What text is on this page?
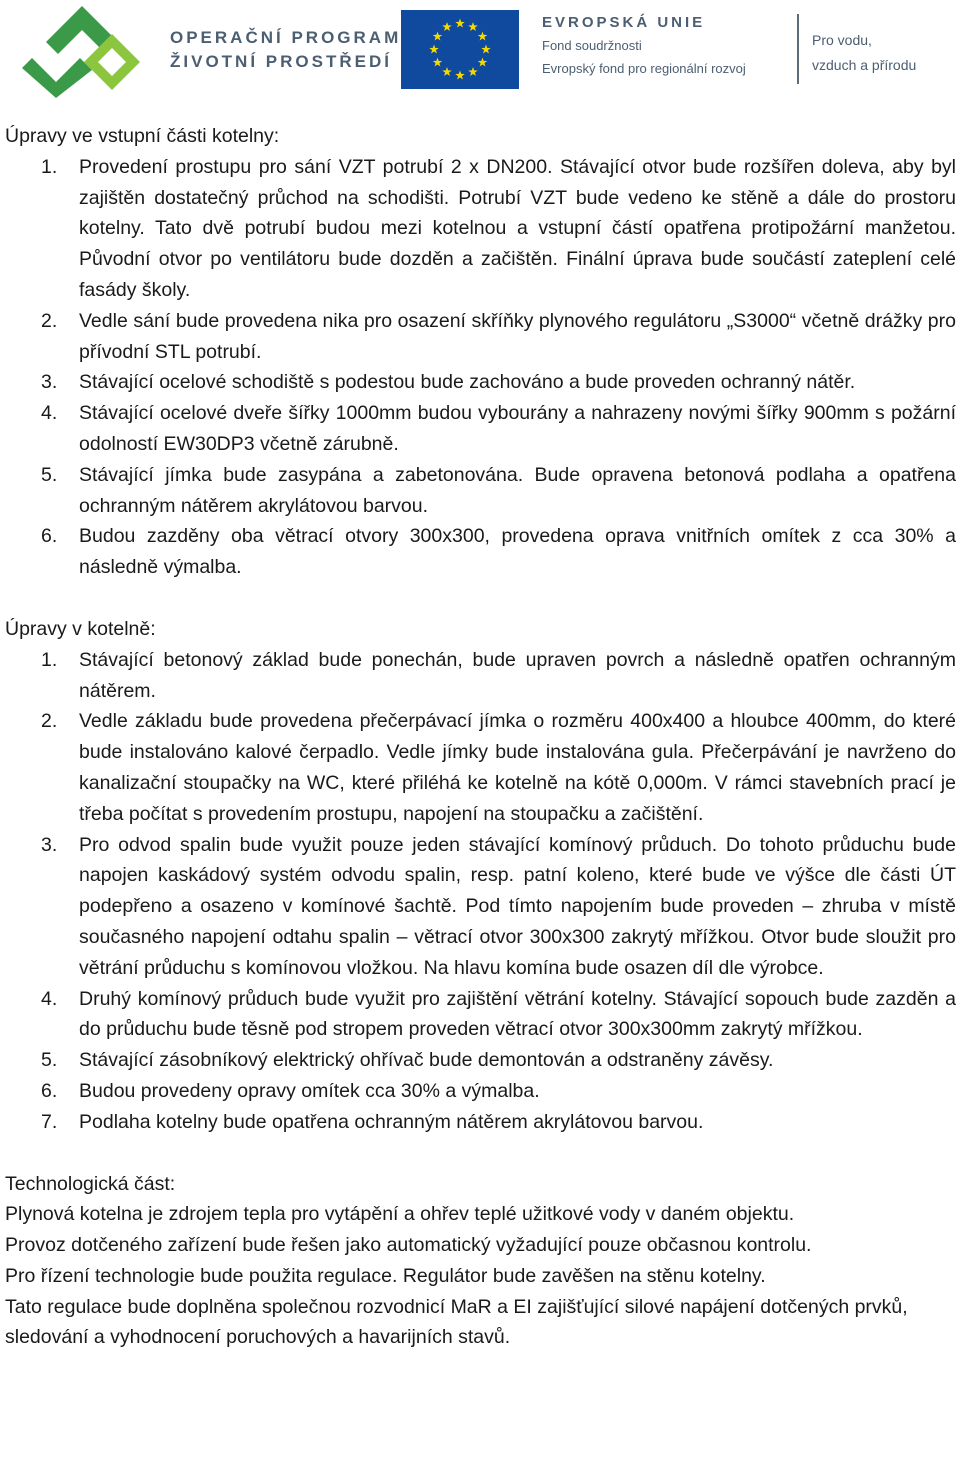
OPERAČNÍ PROGRAM
ŽIVOTNÍ PROSTŘEDÍ
EVROPSKÁ UNIE
Fond soudržnosti
Evropský fond pro regionální rozvoj
Pro vodu,
vzduch a přírodu
Úpravy ve vstupní části kotelny:
1.	Provedení prostupu pro sání VZT potrubí 2 x DN200. Stávající otvor bude rozšířen doleva, aby byl zajištěn dostatečný průchod na schodišti. Potrubí VZT bude vedeno ke stěně a dále do prostoru kotelny. Tato dvě potrubí budou mezi kotelnou a vstupní částí opatřena protipožární manžetou. Původní otvor po ventilátoru bude dozděn a začištěn. Finální úprava bude součástí zateplení celé fasády školy.
2.	Vedle sání bude provedena nika pro osazení skříňky plynového regulátoru „S3000“ včetně drážky pro přívodní STL potrubí.
3.	Stávající ocelové schodiště s podestou bude zachováno a bude proveden ochranný nátěr.
4.	Stávající ocelové dveře šířky 1000mm budou vybourány a nahrazeny novými šířky 900mm s požární odolností EW30DP3 včetně zárubně.
5.	Stávající jímka bude zasypána a zabetonována. Bude opravena betonová podlaha a opatřena ochranným nátěrem akrylátovou barvou.
6.	Budou zazděny oba větrací otvory 300x300, provedena oprava vnitřních omítek z cca 30% a následně výmalba.
Úpravy v kotelně:
1.	Stávající betonový základ bude ponechán, bude upraven povrch a následně opatřen ochranným nátěrem.
2.	Vedle základu bude provedena přečerpávací jímka o rozměru 400x400 a hloubce 400mm, do které bude instalováno kalové čerpadlo. Vedle jímky bude instalována gula. Přečerpávání je navrženo do kanalizační stoupačky na WC, které přiléhá ke kotelně na kótě 0,000m. V rámci stavebních prací je třeba počítat s provedením prostupu, napojení na stoupačku a začištění.
3.	Pro odvod spalin bude využit pouze jeden stávající komínový průduch. Do tohoto průduchu bude napojen kaskádový systém odvodu spalin, resp. patní koleno, které bude ve výšce dle části ÚT podepřeno a osazeno v komínové šachtě. Pod tímto napojením bude proveden – zhruba v místě současného napojení odtahu spalin – větrací otvor 300x300 zakrytý mřížkou. Otvor bude sloužit pro větrání průduchu s komínovou vložkou. Na hlavu komína bude osazen díl dle výrobce.
4.	Druhý komínový průduch bude využit pro zajištění větrání kotelny. Stávající sopouch bude zazděn a do průduchu bude těsně pod stropem proveden větrací otvor 300x300mm zakrytý mřížkou.
5.	Stávající zásobníkový elektrický ohřívač bude demontován a odstraněny závěsy.
6.	Budou provedeny opravy omítek cca 30% a výmalba.
7.	Podlaha kotelny bude opatřena ochranným nátěrem akrylátovou barvou.
Technologická část:

Plynová kotelna je zdrojem tepla pro vytápění a ohřev teplé užitkové vody v daném objektu.

Provoz dotčeného zařízení bude řešen jako automatický vyžadující pouze občasnou kontrolu.

Pro řízení technologie bude použita regulace. Regulátor bude zavěšen na stěnu kotelny.

Tato regulace bude doplněna společnou rozvodnicí MaR a EI zajišťující silové napájení dotčených prvků, sledování a vyhodnocení poruchových a havarijních stavů.
